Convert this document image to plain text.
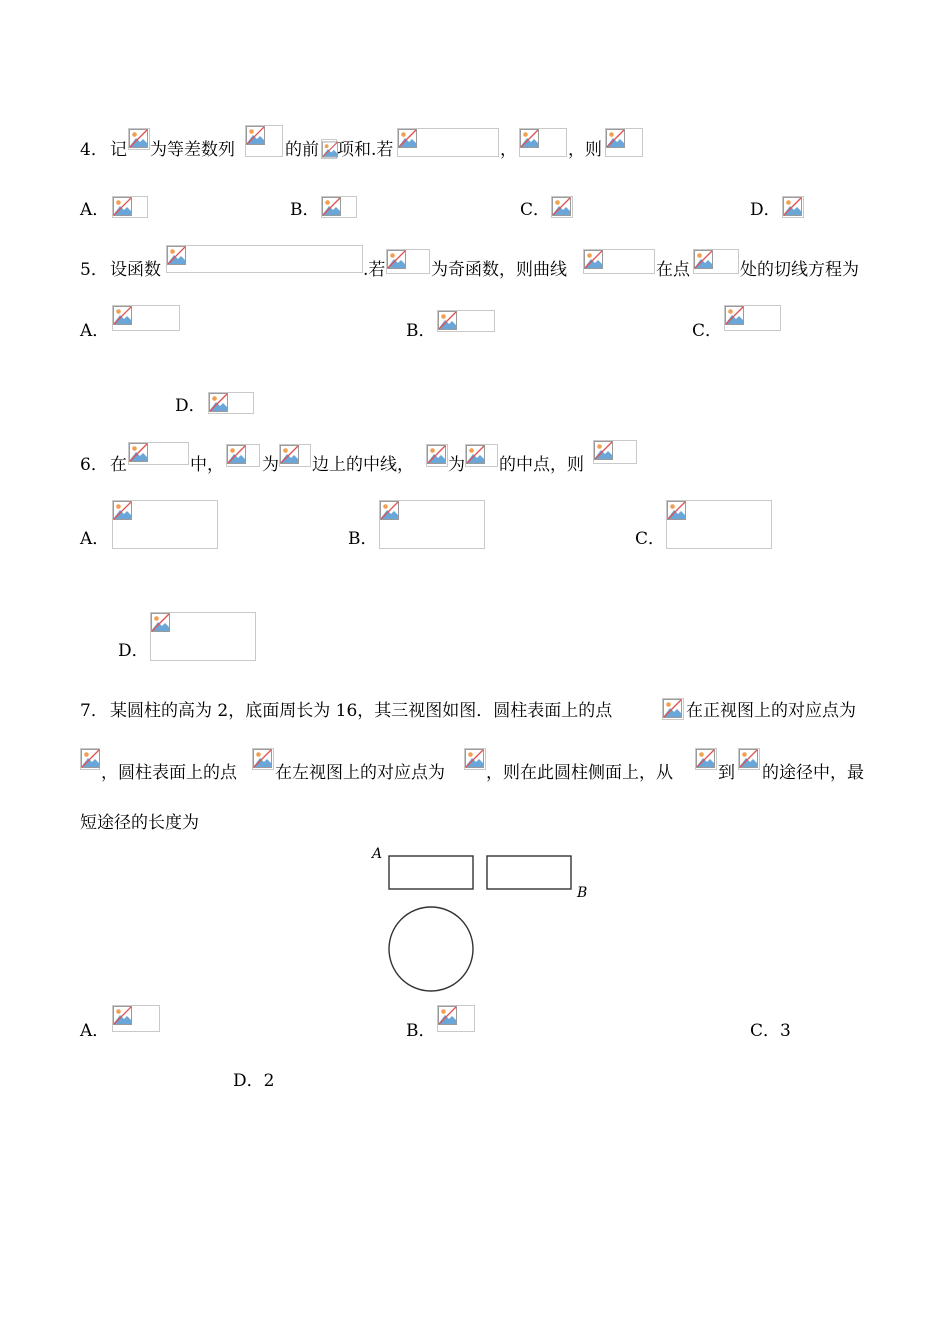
4． 记 为等差数列	的前 项和.若	，	，则
A．	B．	C．	D．
5． 设函数	.若	为奇函数，则曲线	在点	处的切线方程为
A．	B．	C．
D．
6． 在	中， 为 边上的中线， 为 的中点，则
A．	B．	C．
D．
7． 某圆柱的高为 2，底面周长为 16，其三视图如图．圆柱表面上的点	在正视图上的对应点为
，圆柱表面上的点 在左视图上的对应点为 ，则在此圆柱侧面上，从	到 的途径中，最
短途径的长度为
A
B
A．	B．	C．3
D．2
